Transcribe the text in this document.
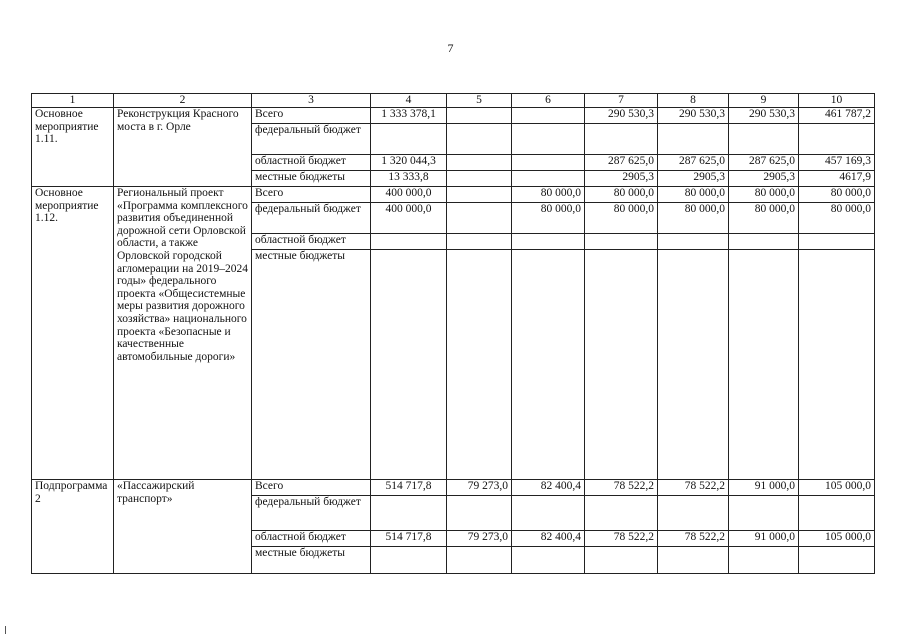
7
1	2	3	4	5	6	7	8	9	10
Основное мероприятие 1.11.	Реконструкция Красного моста в г. Орле	Всего	1 333 378,1			290 530,3	290 530,3	290 530,3	461 787,2
		федеральный бюджет							
		областной бюджет	1 320 044,3			287 625,0	287 625,0	287 625,0	457 169,3
		местные бюджеты	13 333,8			2905,3	2905,3	2905,3	4617,9
Основное мероприятие 1.12.	Региональный проект «Программа комплексного развития объединенной дорожной сети Орловской области, а также Орловской городской агломерации на 2019–2024 годы» федерального проекта «Общесистемные меры развития дорожного хозяйства» национального проекта «Безопасные и качественные автомобильные дороги»	Всего	400 000,0		80 000,0	80 000,0	80 000,0	80 000,0	80 000,0
		федеральный бюджет	400 000,0		80 000,0	80 000,0	80 000,0	80 000,0	80 000,0
		областной бюджет							
		местные бюджеты							
Подпрограмма 2	«Пассажирский транспорт»	Всего	514 717,8	79 273,0	82 400,4	78 522,2	78 522,2	91 000,0	105 000,0
		федеральный бюджет							
		областной бюджет	514 717,8	79 273,0	82 400,4	78 522,2	78 522,2	91 000,0	105 000,0
		местные бюджеты							
